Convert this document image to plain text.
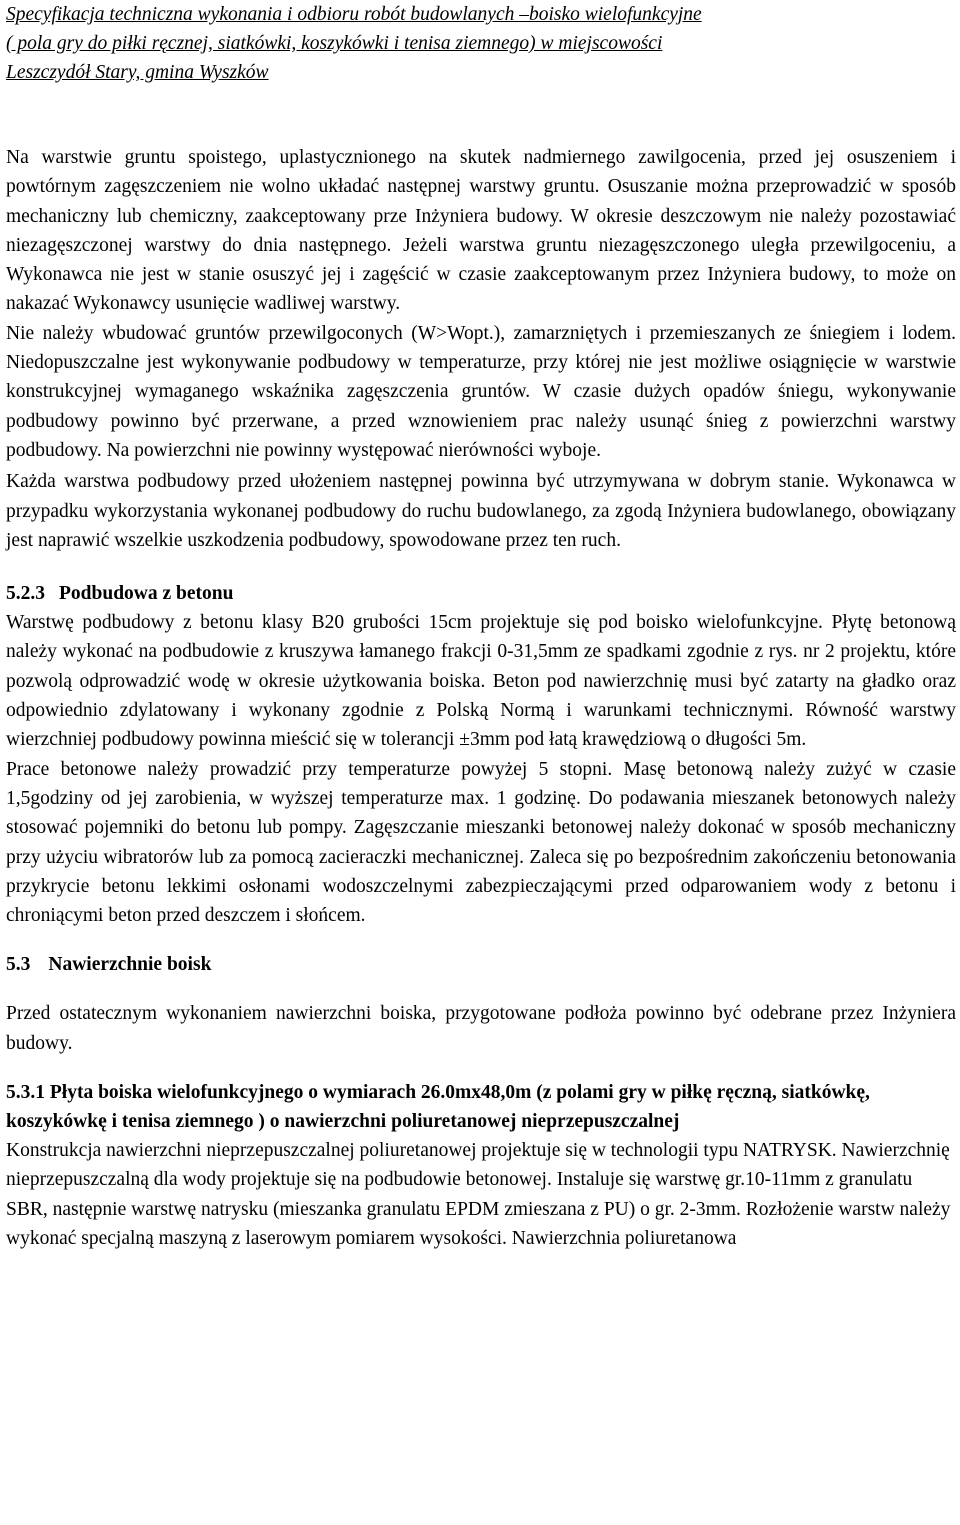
Specyfikacja techniczna wykonania i odbioru robót budowlanych –boisko wielofunkcyjne

( pola gry do piłki ręcznej, siatkówki, koszykówki i tenisa ziemnego) w miejscowości

Leszczydół Stary, gmina Wyszków

Na warstwie gruntu spoistego, uplastycznionego na skutek nadmiernego zawilgocenia, przed jej osuszeniem i powtórnym zagęszczeniem nie wolno układać następnej warstwy gruntu. Osuszanie można przeprowadzić w sposób mechaniczny lub chemiczny, zaakceptowany prze Inżyniera budowy. W okresie deszczowym nie należy pozostawiać niezagęszczonej warstwy do dnia następnego. Jeżeli warstwa gruntu niezagęszczonego uległa przewilgoceniu, a Wykonawca nie jest w stanie osuszyć jej i zagęścić w czasie zaakceptowanym przez Inżyniera budowy, to może on nakazać Wykonawcy usunięcie wadliwej warstwy.

Nie należy wbudować gruntów przewilgoconych (W>Wopt.), zamarzniętych i przemieszanych ze śniegiem i lodem. Niedopuszczalne jest wykonywanie podbudowy w temperaturze, przy której nie jest możliwe osiągnięcie w warstwie konstrukcyjnej wymaganego wskaźnika zagęszczenia gruntów. W czasie dużych opadów śniegu, wykonywanie podbudowy powinno być przerwane, a przed wznowieniem prac należy usunąć śnieg z powierzchni warstwy podbudowy. Na powierzchni nie powinny występować nierówności wyboje.

Każda warstwa podbudowy przed ułożeniem następnej powinna być utrzymywana w dobrym stanie. Wykonawca w przypadku wykorzystania wykonanej podbudowy do ruchu budowlanego, za zgodą Inżyniera budowlanego, obowiązany jest naprawić wszelkie uszkodzenia podbudowy, spowodowane przez ten ruch.

5.2.3 Podbudowa z betonu

Warstwę podbudowy z betonu klasy B20 grubości 15cm projektuje się pod boisko wielofunkcyjne. Płytę betonową należy wykonać na podbudowie z kruszywa łamanego frakcji 0-31,5mm ze spadkami zgodnie z rys. nr 2 projektu, które pozwolą odprowadzić wodę w okresie użytkowania boiska. Beton pod nawierzchnię musi być zatarty na gładko oraz odpowiednio zdylatowany i wykonany zgodnie z Polską Normą i warunkami technicznymi. Równość warstwy wierzchniej podbudowy powinna mieścić się w tolerancji ±3mm pod łatą krawędziową o długości 5m.

Prace betonowe należy prowadzić przy temperaturze powyżej 5 stopni. Masę betonową należy zużyć w czasie 1,5godziny od jej zarobienia, w wyższej temperaturze max. 1 godzinę. Do podawania mieszanek betonowych należy stosować pojemniki do betonu lub pompy. Zagęszczanie mieszanki betonowej należy dokonać w sposób mechaniczny przy użyciu wibratorów lub za pomocą zacieraczki mechanicznej. Zaleca się po bezpośrednim zakończeniu betonowania przykrycie betonu lekkimi osłonami wodoszczelnymi zabezpieczającymi przed odparowaniem wody z betonu i chroniącymi beton przed deszczem i słońcem.

5.3 Nawierzchnie boisk

Przed ostatecznym wykonaniem nawierzchni boiska, przygotowane podłoża powinno być odebrane przez Inżyniera budowy.

5.3.1 Płyta boiska wielofunkcyjnego o wymiarach 26.0mx48,0m (z polami gry w piłkę ręczną, siatkówkę, koszykówkę i tenisa ziemnego ) o nawierzchni poliuretanowej nieprzepuszczalnej

Konstrukcja nawierzchni nieprzepuszczalnej poliuretanowej projektuje się w technologii typu NATRYSK. Nawierzchnię nieprzepuszczalną dla wody projektuje się na podbudowie betonowej. Instaluje się warstwę gr.10-11mm z granulatu SBR, następnie warstwę natrysku (mieszanka granulatu EPDM zmieszana z PU) o gr. 2-3mm. Rozłożenie warstw należy wykonać specjalną maszyną z laserowym pomiarem wysokości. Nawierzchnia poliuretanowa
